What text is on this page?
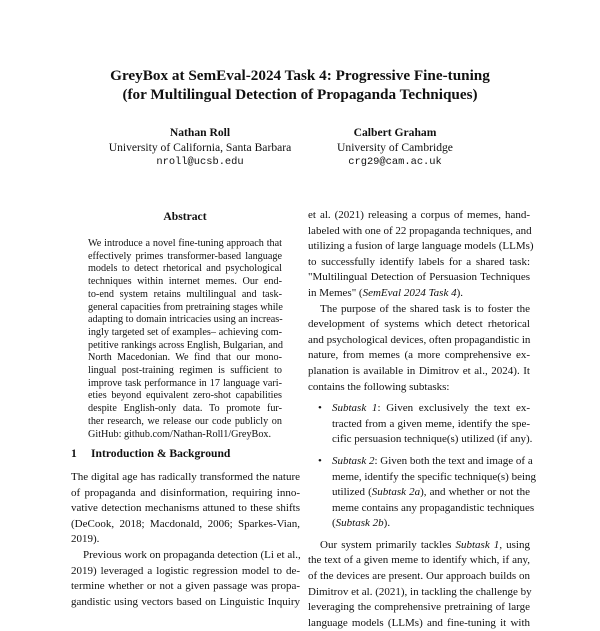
GreyBox at SemEval-2024 Task 4: Progressive Fine-tuning
(for Multilingual Detection of Propaganda Techniques)
Nathan Roll
University of California, Santa Barbara
nroll@ucsb.edu
Calbert Graham
University of Cambridge
crg29@cam.ac.uk
Abstract
We introduce a novel fine-tuning approach that
effectively primes transformer-based language
models to detect rhetorical and psychological
techniques within internet memes. Our end-
to-end system retains multilingual and task-
general capacities from pretraining stages while
adapting to domain intricacies using an increas-
ingly targeted set of examples– achieving com-
petitive rankings across English, Bulgarian, and
North Macedonian. We find that our mono-
lingual post-training regimen is sufficient to
improve task performance in 17 language vari-
eties beyond equivalent zero-shot capabilities
despite English-only data. To promote fur-
ther research, we release our code publicly on
GitHub: github.com/Nathan-Roll1/GreyBox.
1 Introduction & Background
The digital age has radically transformed the nature
of propaganda and disinformation, requiring inno-
vative detection mechanisms attuned to these shifts
(DeCook, 2018; Macdonald, 2006; Sparkes-Vian,
2019).
Previous work on propaganda detection (Li et al.,
2019) leveraged a logistic regression model to de-
termine whether or not a given passage was propa-
gandistic using vectors based on Linguistic Inquiry
et al. (2021) releasing a corpus of memes, hand-
labeled with one of 22 propaganda techniques, and
utilizing a fusion of large language models (LLMs)
to successfully identify labels for a shared task:
"Multilingual Detection of Persuasion Techniques
in Memes" (SemEval 2024 Task 4).
The purpose of the shared task is to foster the
development of systems which detect rhetorical
and psychological devices, often propagandistic in
nature, from memes (a more comprehensive ex-
planation is available in Dimitrov et al., 2024). It
contains the following subtasks:
• Subtask 1: Given exclusively the text ex-
tracted from a given meme, identify the spe-
cific persuasion technique(s) utilized (if any).
• Subtask 2: Given both the text and image of a
meme, identify the specific technique(s) being
utilized (Subtask 2a), and whether or not the
meme contains any propagandistic techniques
(Subtask 2b).
Our system primarily tackles Subtask 1, using
the text of a given meme to identify which, if any,
of the devices are present. Our approach builds on
Dimitrov et al. (2021), in tackling the challenge by
leveraging the comprehensive pretraining of large
language models (LLMs) and fine-tuning it with
